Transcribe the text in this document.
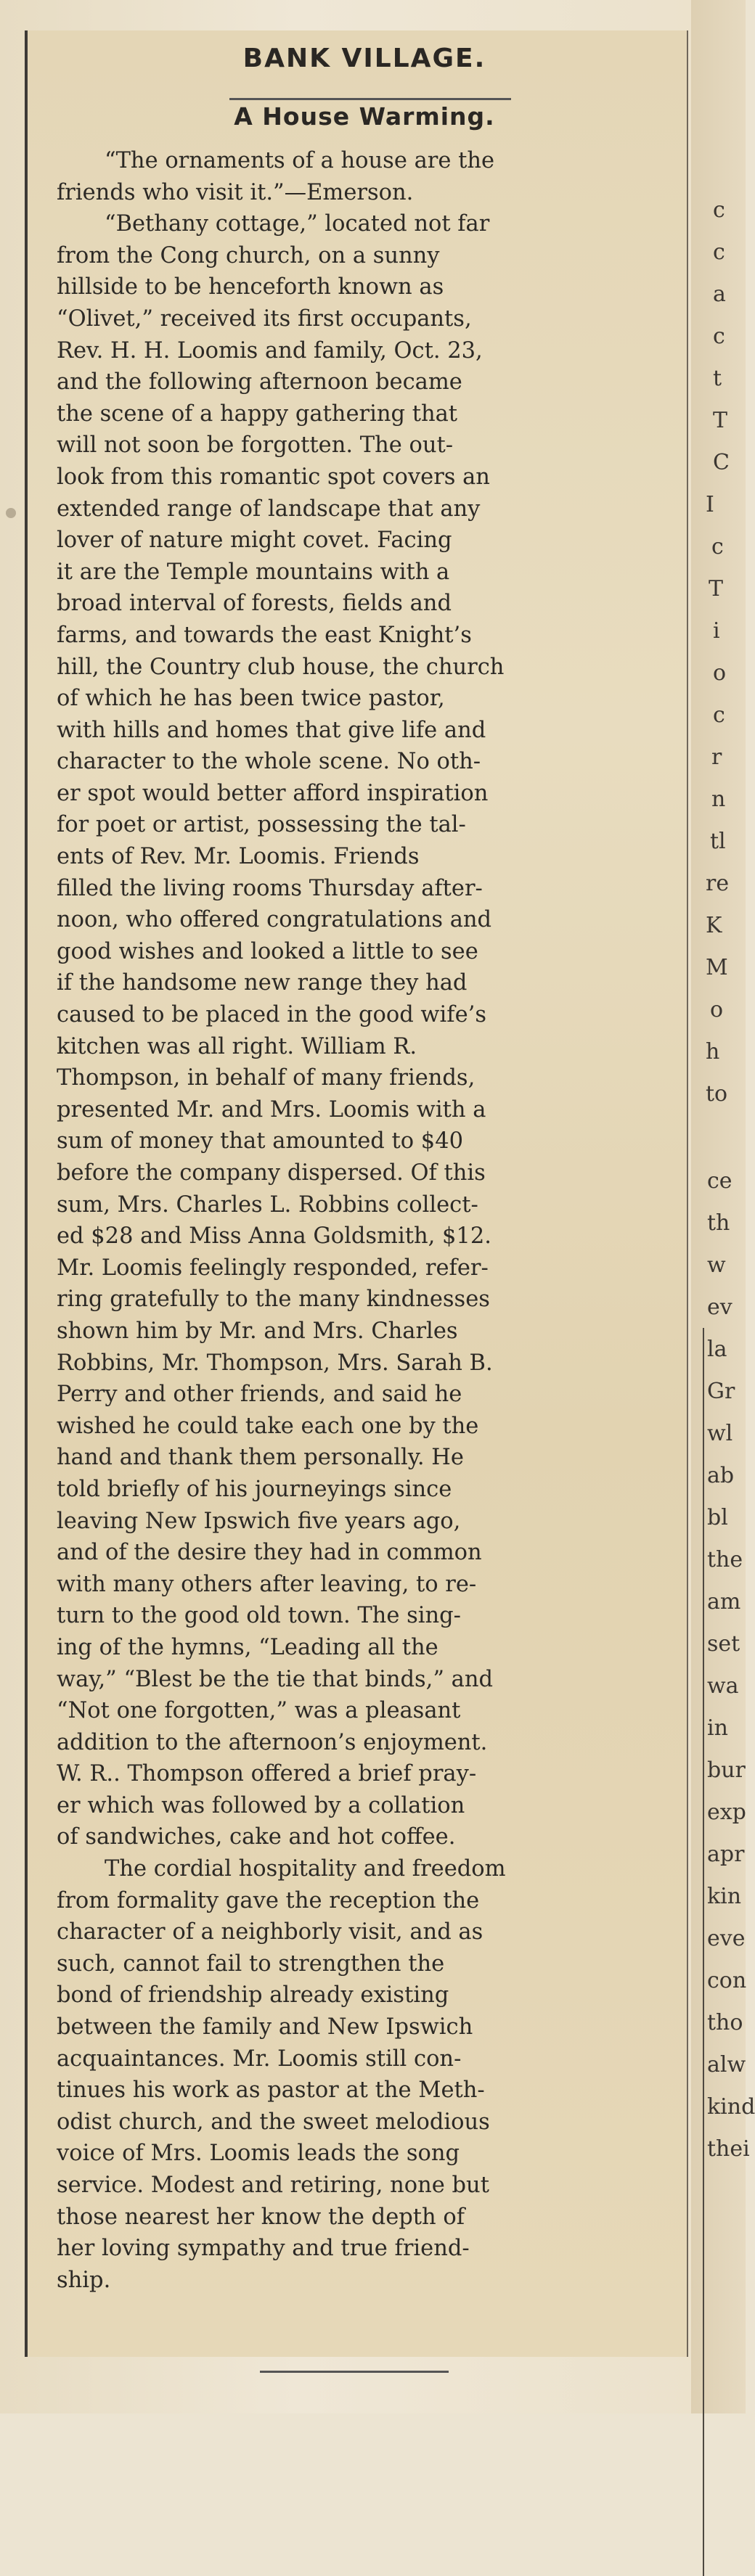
c
c
a
c
t
T
C
I
c
T
i
o
c
r
n
tl
re
K
M
o
h
to
ce
th
w
ev
la
Gr
wl
ab
bl
the
am
set
wa
in
bur
exp
apr
kin
eve
con
tho
alw
kind
thei
BANK VILLAGE.
A House Warming.
“The ornaments of a house are the
friends who visit it.”—Emerson.
“Bethany cottage,” located not far
from the Cong church, on a sunny
hillside to be henceforth known as
“Olivet,” received its first occupants,
Rev. H. H. Loomis and family, Oct. 23,
and the following afternoon became
the scene of a happy gathering that
will not soon be forgotten. The out-
look from this romantic spot covers an
extended range of landscape that any
lover of nature might covet. Facing
it are the Temple mountains with a
broad interval of forests, fields and
farms, and towards the east Knight’s
hill, the Country club house, the church
of which he has been twice pastor,
with hills and homes that give life and
character to the whole scene. No oth-
er spot would better afford inspiration
for poet or artist, possessing the tal-
ents of Rev. Mr. Loomis. Friends
filled the living rooms Thursday after-
noon, who offered congratulations and
good wishes and looked a little to see
if the handsome new range they had
caused to be placed in the good wife’s
kitchen was all right. William R.
Thompson, in behalf of many friends,
presented Mr. and Mrs. Loomis with a
sum of money that amounted to $40
before the company dispersed. Of this
sum, Mrs. Charles L. Robbins collect-
ed $28 and Miss Anna Goldsmith, $12.
Mr. Loomis feelingly responded, refer-
ring gratefully to the many kindnesses
shown him by Mr. and Mrs. Charles
Robbins, Mr. Thompson, Mrs. Sarah B.
Perry and other friends, and said he
wished he could take each one by the
hand and thank them personally. He
told briefly of his journeyings since
leaving New Ipswich five years ago,
and of the desire they had in common
with many others after leaving, to re-
turn to the good old town. The sing-
ing of the hymns, “Leading all the
way,” “Blest be the tie that binds,” and
“Not one forgotten,” was a pleasant
addition to the afternoon’s enjoyment.
W. R.. Thompson offered a brief pray-
er which was followed by a collation
of sandwiches, cake and hot coffee.
The cordial hospitality and freedom
from formality gave the reception the
character of a neighborly visit, and as
such, cannot fail to strengthen the
bond of friendship already existing
between the family and New Ipswich
acquaintances. Mr. Loomis still con-
tinues his work as pastor at the Meth-
odist church, and the sweet melodious
voice of Mrs. Loomis leads the song
service. Modest and retiring, none but
those nearest her know the depth of
her loving sympathy and true friend-
ship.
